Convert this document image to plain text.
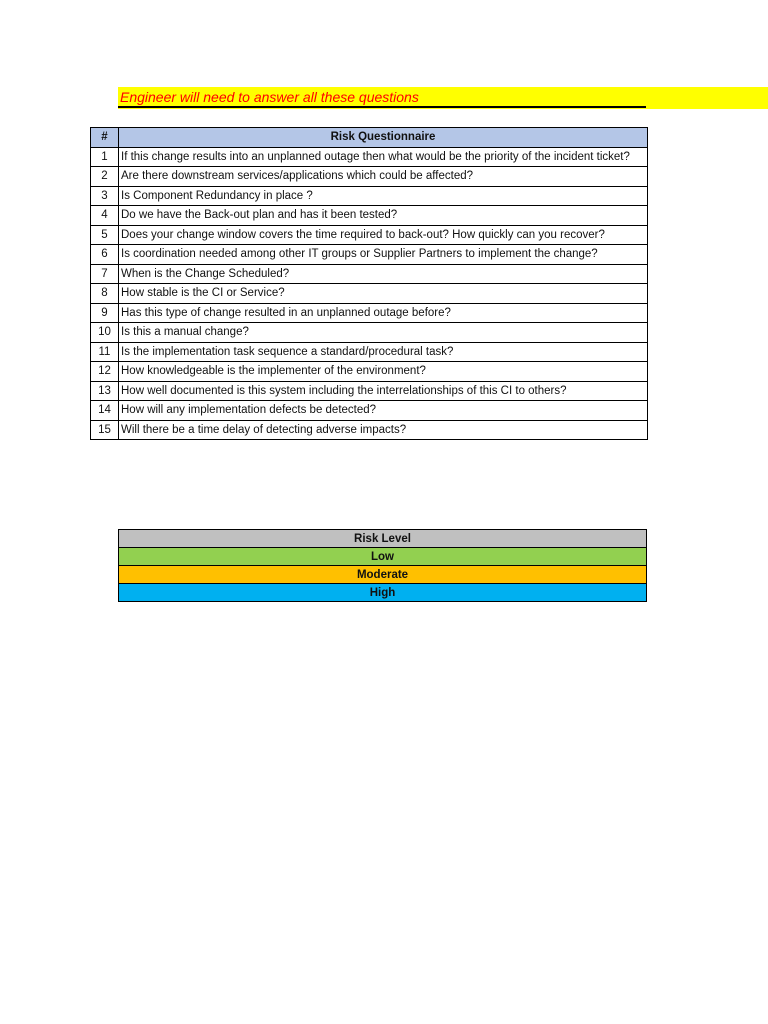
Engineer will need to answer all these questions
#	Risk Questionnaire
1	If this change results into an unplanned outage then what would be the priority of the incident ticket?
2	Are there downstream services/applications which could be affected?
3	Is Component Redundancy in place ?
4	Do we have the Back-out plan and has it been tested?
5	Does your change window covers the time required to back-out? How quickly can you recover?
6	Is coordination needed among other IT groups or Supplier Partners to implement the change?
7	When is the Change Scheduled?
8	How stable is the CI or Service?
9	Has this type of change resulted in an unplanned outage before?
10	Is this a manual change?
11	Is the implementation task sequence a standard/procedural task?
12	How knowledgeable is the implementer of the environment?
13	How well documented is this system including the interrelationships of this CI to others?
14	How will any implementation defects be detected?
15	Will there be a time delay of detecting adverse impacts?
Risk Level
Low
Moderate
High
